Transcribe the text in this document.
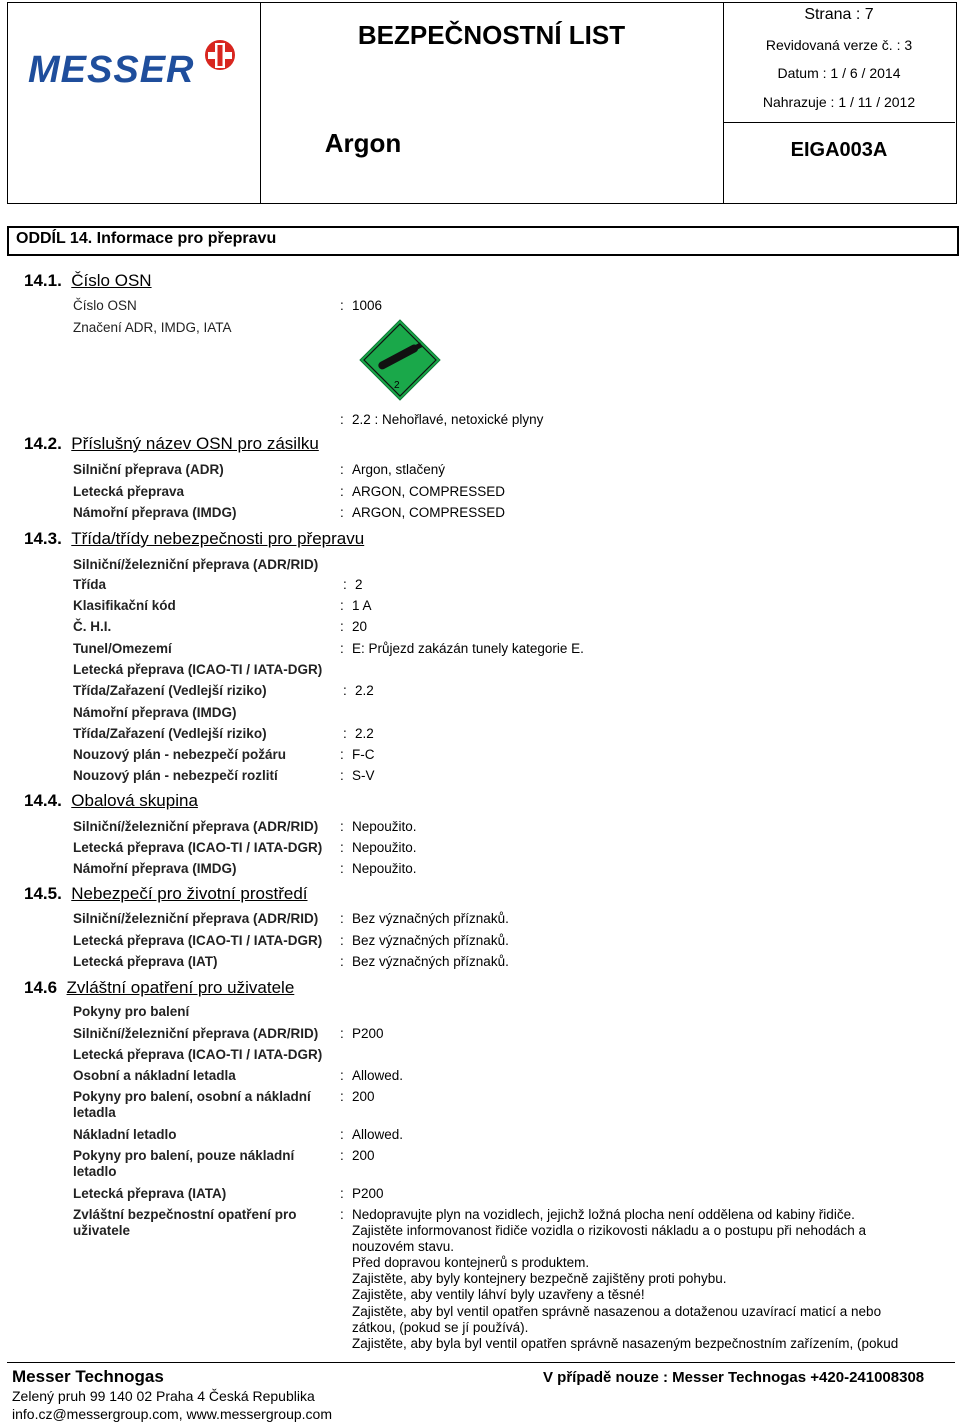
MESSER
BEZPEČNOSTNÍ LIST
Argon
Strana : 7
Revidovaná verze č. : 3
Datum : 1 / 6 / 2014
Nahrazuje : 1 / 11 / 2012
EIGA003A
ODDÍL 14. Informace pro přepravu
14.1. Číslo OSN
Číslo OSN	: 1006
Značení ADR, IMDG, IATA
2
: 2.2 : Nehořlavé, netoxické plyny
14.2. Příslušný název OSN pro zásilku
Silniční přeprava (ADR)	: Argon, stlačený
Letecká přeprava	: ARGON, COMPRESSED
Námořní přeprava (IMDG)	: ARGON, COMPRESSED
14.3. Třída/třídy nebezpečnosti pro přepravu
Silniční/železniční přeprava (ADR/RID)
Třída	: 2
Klasifikační kód	: 1 A
Č. H.I.	: 20
Tunel/Omezemí	: E: Průjezd zakázán tunely kategorie E.
Letecká přeprava (ICAO-TI / IATA-DGR)
Třída/Zařazení (Vedlejší riziko)	: 2.2
Námořní přeprava (IMDG)
Třída/Zařazení (Vedlejší riziko)	: 2.2
Nouzový plán - nebezpečí požáru	: F-C
Nouzový plán - nebezpečí rozlití	: S-V
14.4. Obalová skupina
Silniční/železniční přeprava (ADR/RID) : Nepoužito.
Letecká přeprava (ICAO-TI / IATA-DGR) : Nepoužito.
Námořní přeprava (IMDG)	: Nepoužito.
14.5. Nebezpečí pro životní prostředí
Silniční/železniční přeprava (ADR/RID) : Bez význačných příznaků.
Letecká přeprava (ICAO-TI / IATA-DGR) : Bez význačných příznaků.
Letecká přeprava (IAT)	: Bez význačných příznaků.
14.6 Zvláštní opatření pro uživatele
Pokyny pro balení
Silniční/železniční přeprava (ADR/RID) : P200
Letecká přeprava (ICAO-TI / IATA-DGR)
Osobní a nákladní letadla	: Allowed.
Pokyny pro balení, osobní a nákladní letadla
: 200
Nákladní letadlo	: Allowed.
Pokyny pro balení, pouze nákladní letadlo
: 200
Letecká přeprava (IATA)	: P200
Zvláštní bezpečnostní opatření pro uživatele
: Nedopravujte plyn na vozidlech, jejichž ložná plocha není oddělena od kabiny řidiče.
Zajistěte informovanost řidiče vozidla o rizikovosti nákladu a o postupu při nehodách a
nouzovém stavu.
Před dopravou kontejnerů s produktem.
Zajistěte, aby byly kontejnery bezpečně zajištěny proti pohybu.
Zajistěte, aby ventily láhví byly uzavřeny a těsné!
Zajistěte, aby byl ventil opatřen správně nasazenou a dotaženou uzavírací maticí a nebo
zátkou, (pokud se jí používá).
Zajistěte, aby byla byl ventil opatřen správně nasazeným bezpečnostním zařízením, (pokud
Messer Technogas
Zelený pruh 99 140 02 Praha 4 Česká Republika
info.cz@messergroup.com, www.messergroup.com
V případě nouze : Messer Technogas +420-241008308
